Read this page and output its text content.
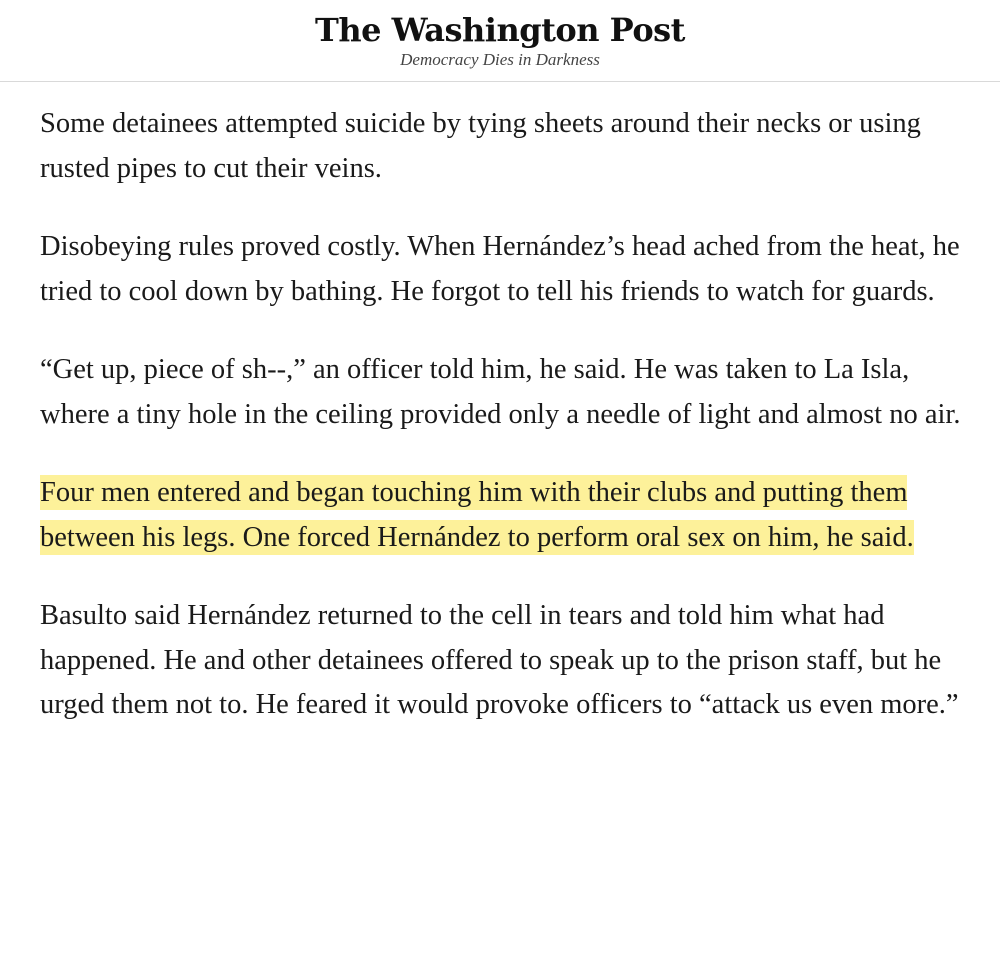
The Washington Post
Democracy Dies in Darkness

Some detainees attempted suicide by tying sheets around their necks or using rusted pipes to cut their veins.

Disobeying rules proved costly. When Hernández’s head ached from the heat, he tried to cool down by bathing. He forgot to tell his friends to watch for guards.

“Get up, piece of sh--,” an officer told him, he said. He was taken to La Isla, where a tiny hole in the ceiling provided only a needle of light and almost no air.

Four men entered and began touching him with their clubs and putting them between his legs. One forced Hernández to perform oral sex on him, he said.

Basulto said Hernández returned to the cell in tears and told him what had happened. He and other detainees offered to speak up to the prison staff, but he urged them not to. He feared it would provoke officers to “attack us even more.”
